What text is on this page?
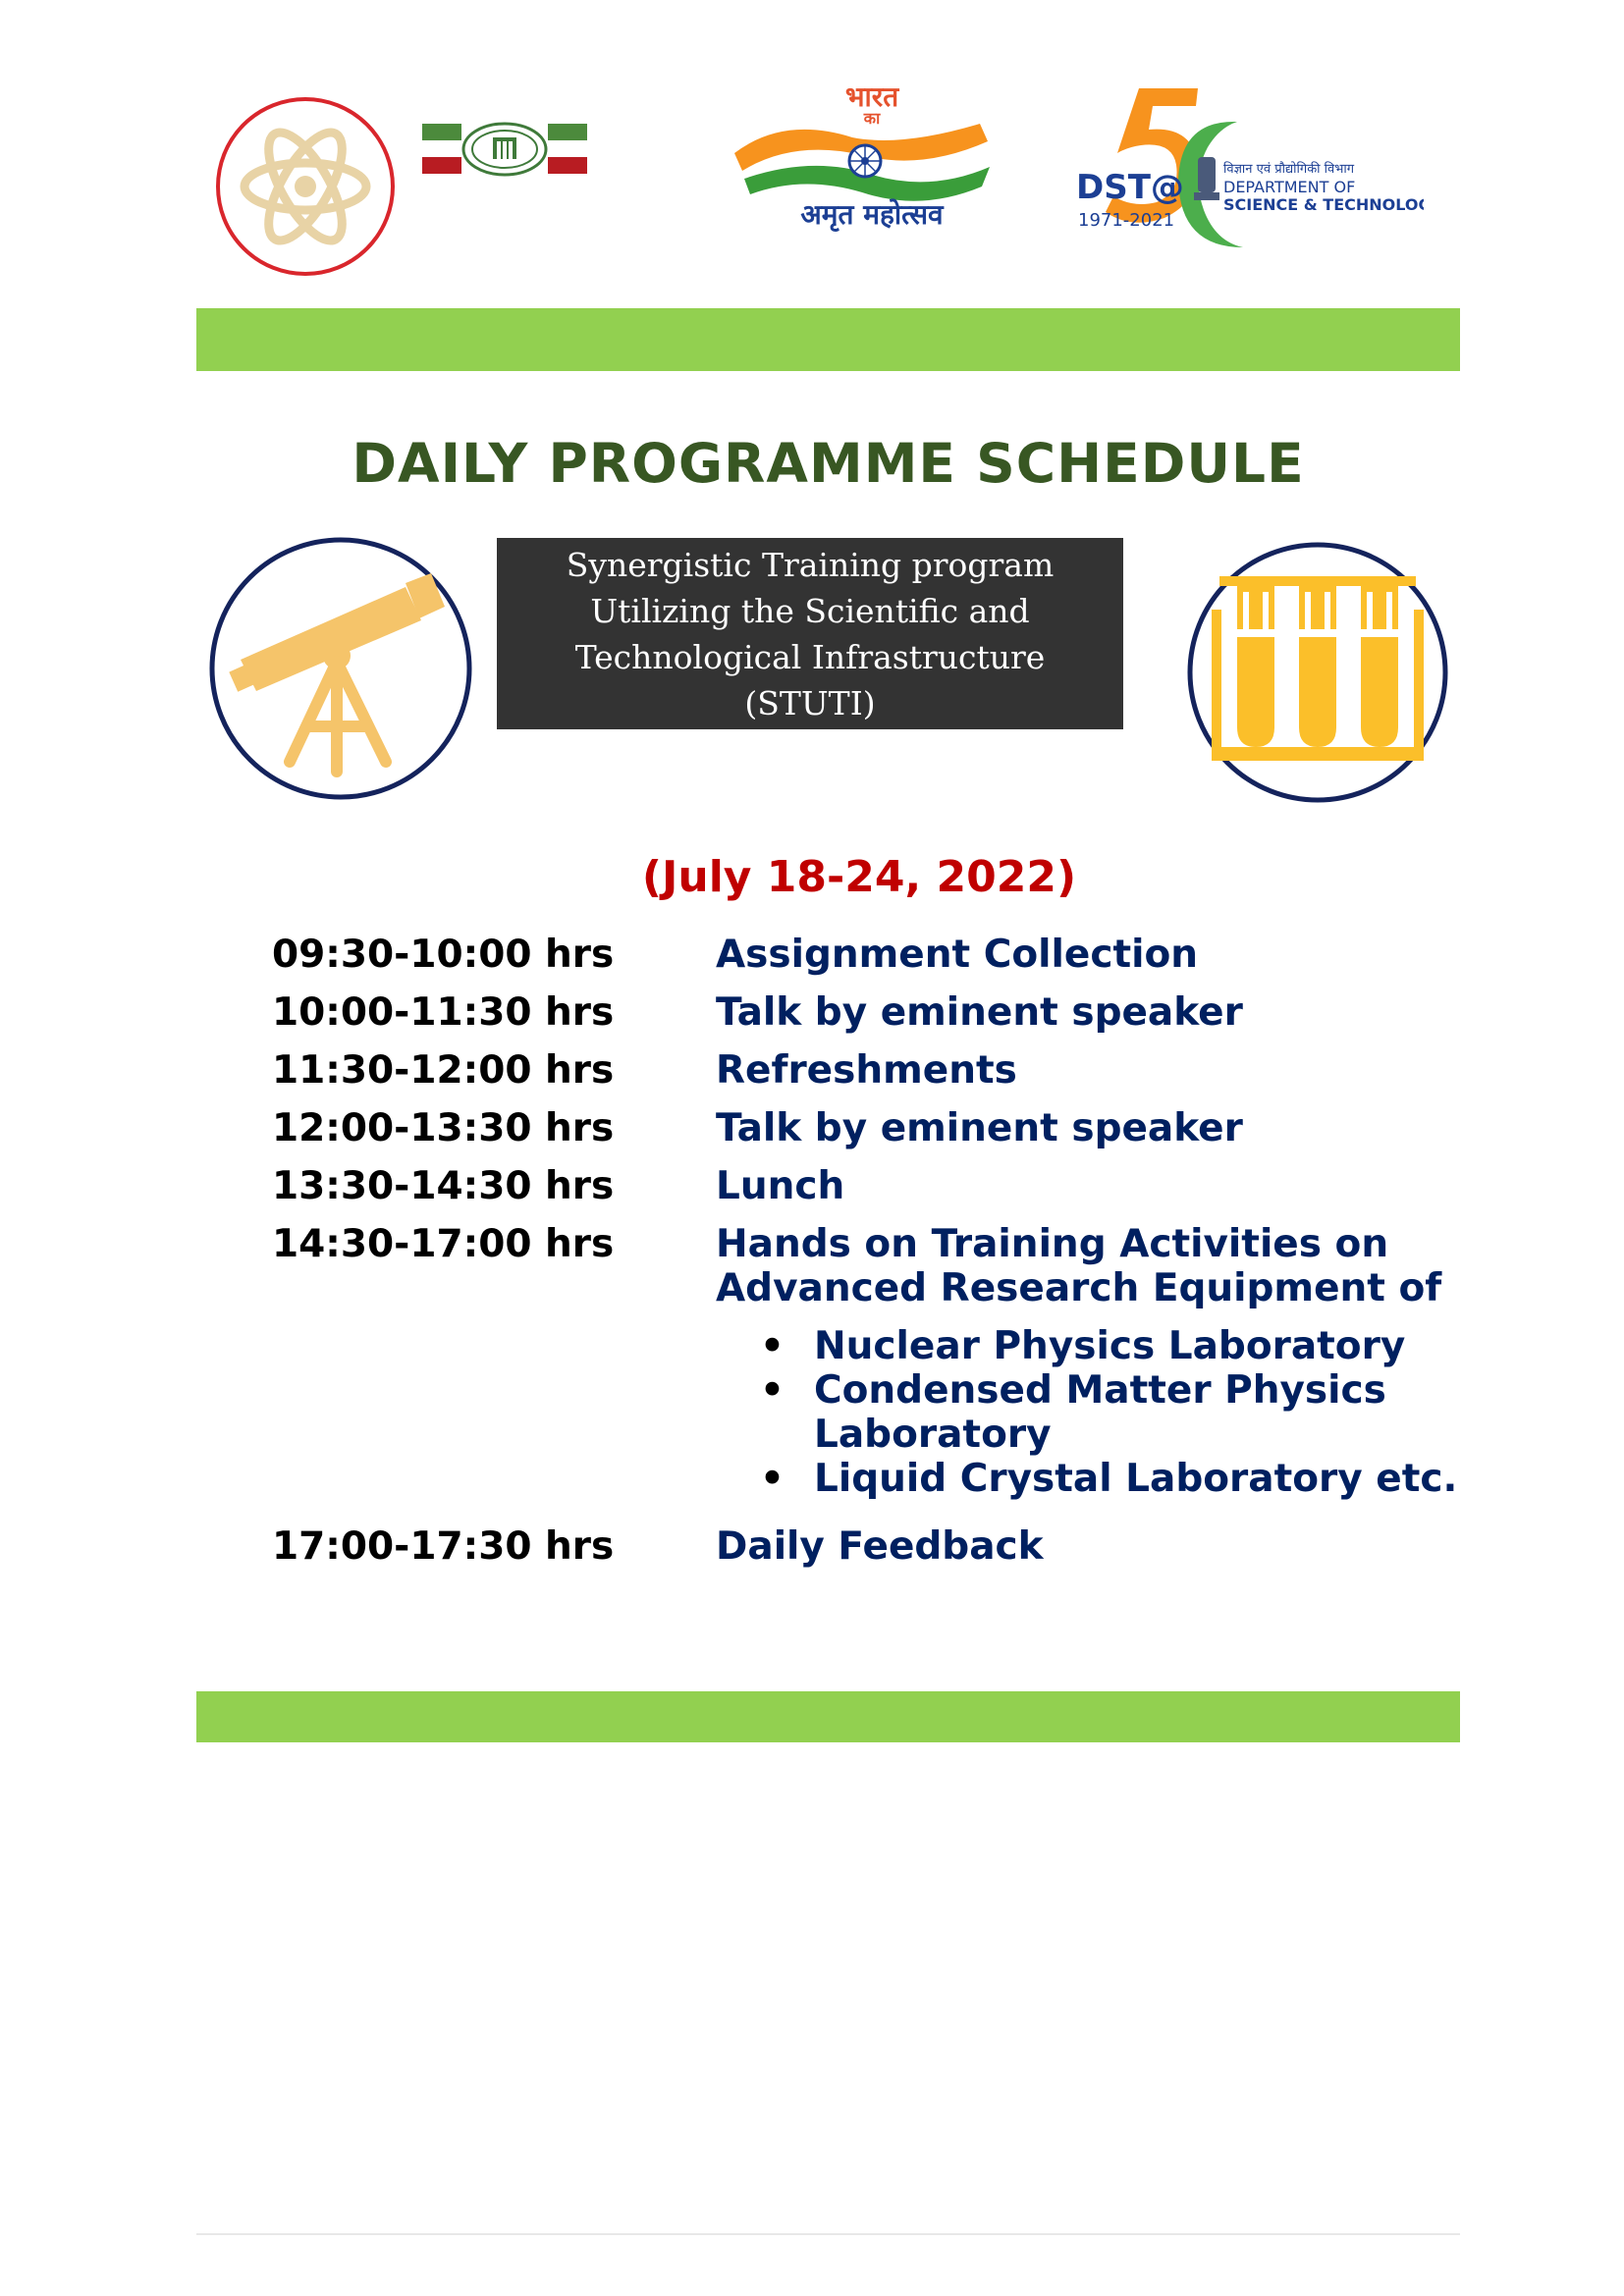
भारत
का
अमृत महोत्सव
DST@
1971-2021
विज्ञान एवं प्रौद्योगिकी विभाग
DEPARTMENT OF
SCIENCE & TECHNOLOGY
DAILY PROGRAMME SCHEDULE
Synergistic Training program
Utilizing the Scientific and
Technological Infrastructure
(STUTI)
(July 18-24, 2022)
09:30-10:00 hrs	Assignment Collection
10:00-11:30 hrs	Talk by eminent speaker
11:30-12:00 hrs	Refreshments
12:00-13:30 hrs	Talk by eminent speaker
13:30-14:30 hrs	Lunch
14:30-17:00 hrs	Hands on Training Activities on Advanced Research Equipment of
• Nuclear Physics Laboratory
• Condensed Matter Physics Laboratory
• Liquid Crystal Laboratory etc.
17:00-17:30 hrs	Daily Feedback
